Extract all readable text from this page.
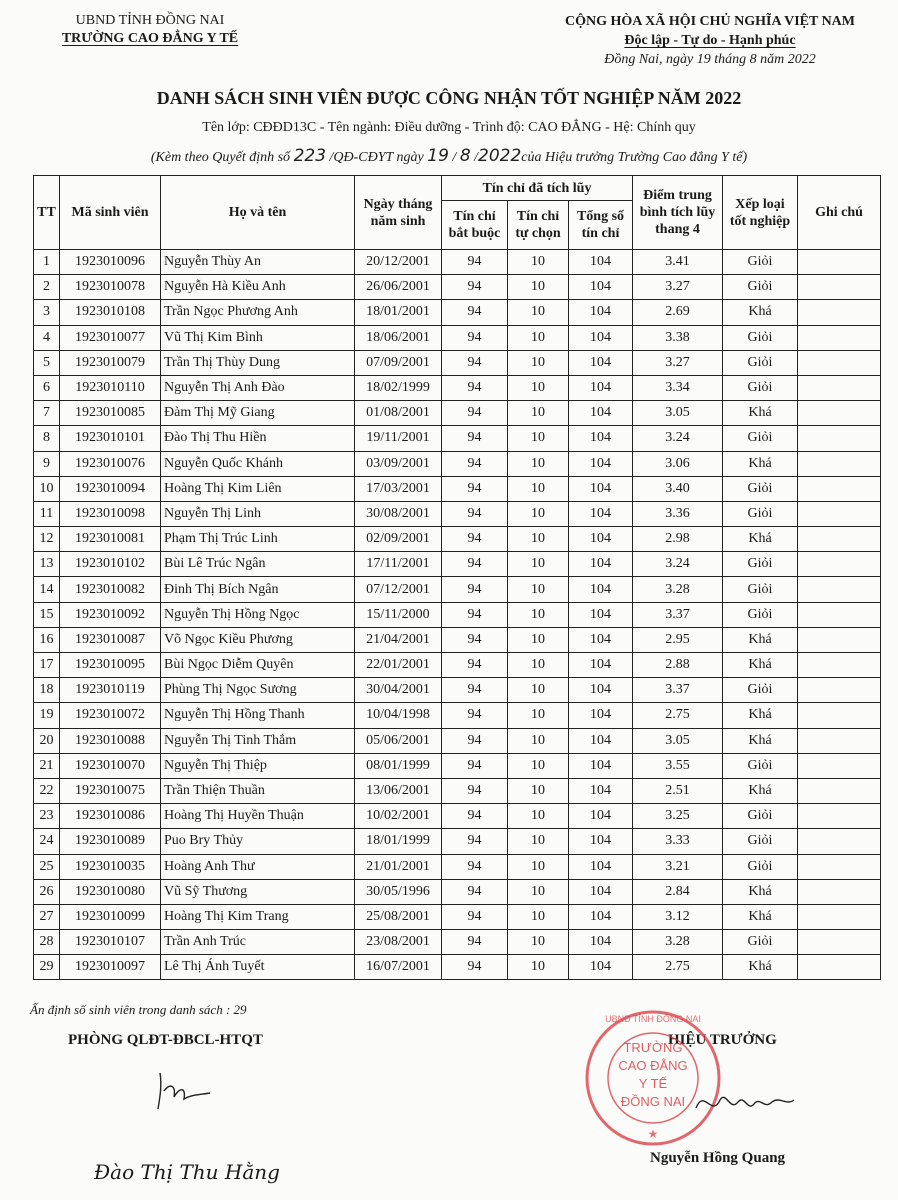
UBND TỈNH ĐỒNG NAI
TRƯỜNG CAO ĐẲNG Y TẾ
CỘNG HÒA XÃ HỘI CHỦ NGHĨA VIỆT NAM
Độc lập - Tự do - Hạnh phúc
Đồng Nai, ngày 19 tháng 8 năm 2022
DANH SÁCH SINH VIÊN ĐƯỢC CÔNG NHẬN TỐT NGHIỆP NĂM 2022
Tên lớp: CĐĐD13C - Tên ngành: Điều dưỡng - Trình độ: CAO ĐẲNG - Hệ: Chính quy
(Kèm theo Quyết định số 223 /QĐ-CĐYT ngày 19 / 8 /2022của Hiệu trưởng Trường Cao đẳng Y tế)
TT	Mã sinh viên	Họ và tên	Ngày tháng năm sinh	Tín chỉ đã tích lũy			Điểm trung bình tích lũy thang 4	Xếp loại tốt nghiệp	Ghi chú
				Tín chỉ bắt buộc	Tín chỉ tự chọn	Tổng số tín chỉ			
1	1923010096	Nguyễn Thùy An	20/12/2001	94	10	104	3.41	Giỏi	
2	1923010078	Nguyễn Hà Kiều Anh	26/06/2001	94	10	104	3.27	Giỏi	
3	1923010108	Trần Ngọc Phương Anh	18/01/2001	94	10	104	2.69	Khá	
4	1923010077	Vũ Thị Kim Bình	18/06/2001	94	10	104	3.38	Giỏi	
5	1923010079	Trần Thị Thùy Dung	07/09/2001	94	10	104	3.27	Giỏi	
6	1923010110	Nguyễn Thị Anh Đào	18/02/1999	94	10	104	3.34	Giỏi	
7	1923010085	Đàm Thị Mỹ Giang	01/08/2001	94	10	104	3.05	Khá	
8	1923010101	Đào Thị Thu Hiền	19/11/2001	94	10	104	3.24	Giỏi	
9	1923010076	Nguyễn Quốc Khánh	03/09/2001	94	10	104	3.06	Khá	
10	1923010094	Hoàng Thị Kim Liên	17/03/2001	94	10	104	3.40	Giỏi	
11	1923010098	Nguyễn Thị Linh	30/08/2001	94	10	104	3.36	Giỏi	
12	1923010081	Phạm Thị Trúc Linh	02/09/2001	94	10	104	2.98	Khá	
13	1923010102	Bùi Lê Trúc Ngân	17/11/2001	94	10	104	3.24	Giỏi	
14	1923010082	Đinh Thị Bích Ngân	07/12/2001	94	10	104	3.28	Giỏi	
15	1923010092	Nguyễn Thị Hồng Ngọc	15/11/2000	94	10	104	3.37	Giỏi	
16	1923010087	Võ Ngọc Kiều Phương	21/04/2001	94	10	104	2.95	Khá	
17	1923010095	Bùi Ngọc Diễm Quyên	22/01/2001	94	10	104	2.88	Khá	
18	1923010119	Phùng Thị Ngọc Sương	30/04/2001	94	10	104	3.37	Giỏi	
19	1923010072	Nguyễn Thị Hồng Thanh	10/04/1998	94	10	104	2.75	Khá	
20	1923010088	Nguyễn Thị Tinh Thắm	05/06/2001	94	10	104	3.05	Khá	
21	1923010070	Nguyễn Thị Thiệp	08/01/1999	94	10	104	3.55	Giỏi	
22	1923010075	Trần Thiện Thuần	13/06/2001	94	10	104	2.51	Khá	
23	1923010086	Hoàng Thị Huyền Thuận	10/02/2001	94	10	104	3.25	Giỏi	
24	1923010089	Puo Bry Thủy	18/01/1999	94	10	104	3.33	Giỏi	
25	1923010035	Hoàng Anh Thư	21/01/2001	94	10	104	3.21	Giỏi	
26	1923010080	Vũ Sỹ Thương	30/05/1996	94	10	104	2.84	Khá	
27	1923010099	Hoàng Thị Kim Trang	25/08/2001	94	10	104	3.12	Khá	
28	1923010107	Trần Anh Trúc	23/08/2001	94	10	104	3.28	Giỏi	
29	1923010097	Lê Thị Ánh Tuyết	16/07/2001	94	10	104	2.75	Khá	
Ấn định số sinh viên trong danh sách : 29
PHÒNG QLĐT-ĐBCL-HTQT	HIỆU TRƯỞNG
TRƯỜNG
CAO ĐẲNG
Y TẾ
ĐỒNG NAI
UBND TỈNH ĐỒNG NAI
★
Đào Thị Thu Hằng
Nguyễn Hồng Quang
